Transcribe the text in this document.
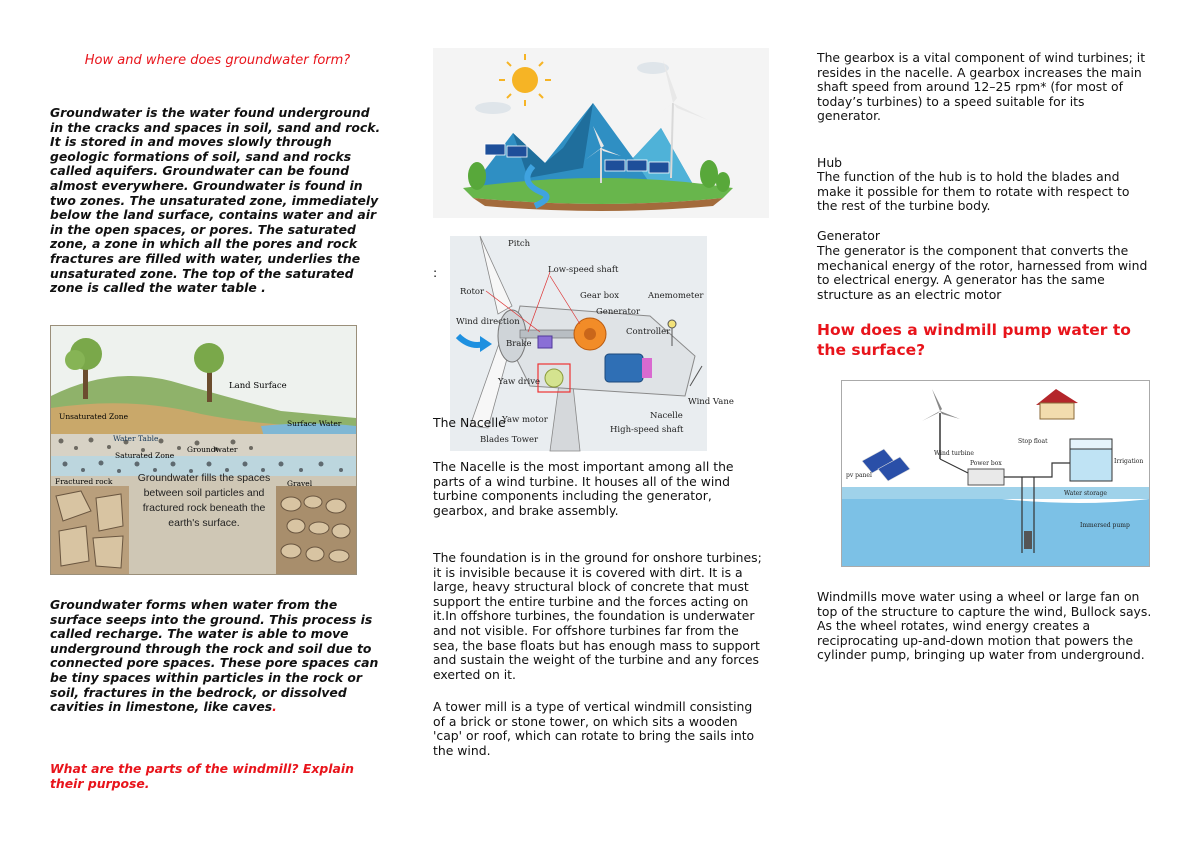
How and where does groundwater form?
Groundwater is the water found underground in the cracks and spaces in soil, sand and rock. It is stored in and moves slowly through geologic formations of soil, sand and rocks called aquifers. Groundwater can be found almost everywhere. Groundwater is found in two zones. The unsaturated zone, immediately below the land surface, contains water and air in the open spaces, or pores. The saturated zone, a zone in which all the pores and rock fractures are filled with water, underlies the unsaturated zone. The top of the saturated zone is called the water table .
Land Surface
Unsaturated Zone
Water Table
Groundwater
Saturated Zone
Surface Water
Fractured rock	Gravel
Groundwater fills the spaces between soil particles and fractured rock beneath the earth's surface.
Groundwater forms when water from the surface seeps into the ground. This process is called recharge. The water is able to move underground through the rock and soil due to connected pore spaces. These pore spaces can be tiny spaces within particles in the rock or soil, fractures in the bedrock, or dissolved cavities in limestone, like caves.
What are the parts of the windmill? Explain their purpose.
:
Pitch
Low-speed shaft
Rotor	Gear box	Anemometer
Generator
Wind direction
Controller
Brake
Yaw drive
Wind Vane
Yaw motor	Nacelle
Blades Tower
High-speed shaft
The Nacelle
The Nacelle is the most important among all the parts of a wind turbine. It houses all of the wind turbine components including the generator, gearbox, and brake assembly.
The foundation is in the ground for onshore turbines; it is invisible because it is covered with dirt. It is a large, heavy structural block of concrete that must support the entire turbine and the forces acting on it.In offshore turbines, the foundation is underwater and not visible. For offshore turbines far from the sea, the base floats but has enough mass to support and sustain the weight of the turbine and any forces exerted on it.
A tower mill is a type of vertical windmill consisting of a brick or stone tower, on which sits a wooden 'cap' or roof, which can rotate to bring the sails into the wind.
The gearbox is a vital component of wind turbines; it resides in the nacelle. A gearbox increases the main shaft speed from around 12–25 rpm* (for most of today’s turbines) to a speed suitable for its generator.
Hub
The function of the hub is to hold the blades and make it possible for them to rotate with respect to the rest of the turbine body.
Generator
The generator is the component that converts the mechanical energy of the rotor, harnessed from wind to electrical energy. A generator has the same structure as an electric motor
How does a windmill pump water to the surface?
Wind turbine
Stop float
pv panel
Power box	Irrigation
Water storage
Immersed pump
Windmills move water using a wheel or large fan on top of the structure to capture the wind, Bullock says. As the wheel rotates, wind energy creates a reciprocating up-and-down motion that powers the cylinder pump, bringing up water from underground.
